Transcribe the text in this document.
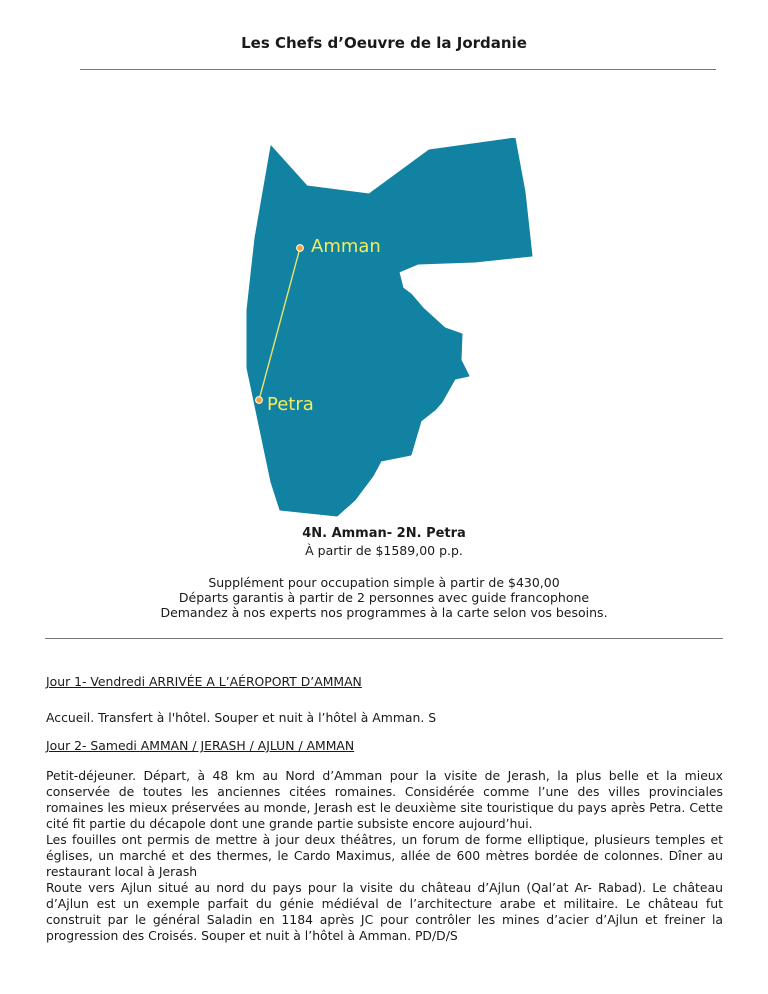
Les Chefs d’Oeuvre de la Jordanie
Amman
Petra
4N. Amman- 2N. Petra
À partir de $1589,00 p.p.
Supplément pour occupation simple à partir de $430,00
Départs garantis à partir de 2 personnes avec guide francophone
Demandez à nos experts nos programmes à la carte selon vos besoins.

Jour 1- Vendredi ARRIVÉE A L’AÉROPORT D’AMMAN

Accueil. Transfert à l'hôtel. Souper et nuit à l’hôtel à Amman. S

Jour 2- Samedi AMMAN / JERASH / AJLUN / AMMAN

Petit-déjeuner. Départ, à 48 km au Nord d’Amman pour la visite de Jerash, la plus belle et la mieux conservée de toutes les anciennes citées romaines. Considérée comme l’une des villes provinciales romaines les mieux préservées au monde, Jerash est le deuxième site touristique du pays après Petra. Cette cité fit partie du décapole dont une grande partie subsiste encore aujourd’hui.

Les fouilles ont permis de mettre à jour deux théâtres, un forum de forme elliptique, plusieurs temples et églises, un marché et des thermes, le Cardo Maximus, allée de 600 mètres bordée de colonnes. Dîner au restaurant local à Jerash

Route vers Ajlun situé au nord du pays pour la visite du château d’Ajlun (Qal’at Ar- Rabad). Le château d’Ajlun est un exemple parfait du génie médiéval de l’architecture arabe et militaire. Le château fut construit par le général Saladin en 1184 après JC pour contrôler les mines d’acier d’Ajlun et freiner la progression des Croisés. Souper et nuit à l’hôtel à Amman. PD/D/S
